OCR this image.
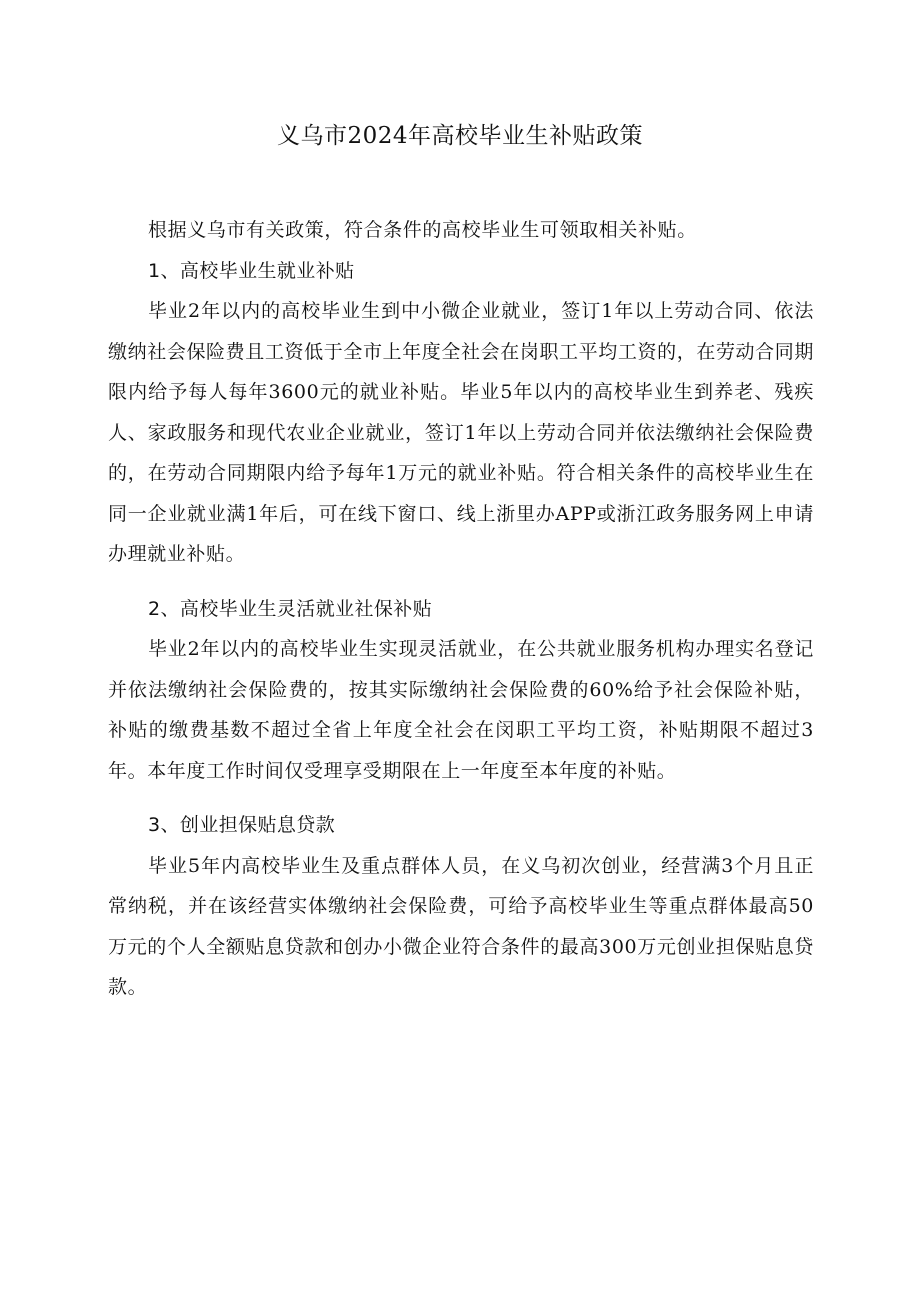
义乌市2024年高校毕业生补贴政策

根据义乌市有关政策，符合条件的高校毕业生可领取相关补贴。

1、高校毕业生就业补贴

毕业2年以内的高校毕业生到中小微企业就业，签订1年以上劳动合同、依法缴纳社会保险费且工资低于全市上年度全社会在岗职工平均工资的，在劳动合同期限内给予每人每年3600元的就业补贴。毕业5年以内的高校毕业生到养老、残疾人、家政服务和现代农业企业就业，签订1年以上劳动合同并依法缴纳社会保险费的，在劳动合同期限内给予每年1万元的就业补贴。符合相关条件的高校毕业生在同一企业就业满1年后，可在线下窗口、线上浙里办APP或浙江政务服务网上申请办理就业补贴。

2、高校毕业生灵活就业社保补贴

毕业2年以内的高校毕业生实现灵活就业，在公共就业服务机构办理实名登记并依法缴纳社会保险费的，按其实际缴纳社会保险费的60%给予社会保险补贴，补贴的缴费基数不超过全省上年度全社会在闵职工平均工资，补贴期限不超过3年。本年度工作时间仅受理享受期限在上一年度至本年度的补贴。

3、创业担保贴息贷款

毕业5年内高校毕业生及重点群体人员，在义乌初次创业，经营满3个月且正常纳税，并在该经营实体缴纳社会保险费，可给予高校毕业生等重点群体最高50万元的个人全额贴息贷款和创办小微企业符合条件的最高300万元创业担保贴息贷款。
